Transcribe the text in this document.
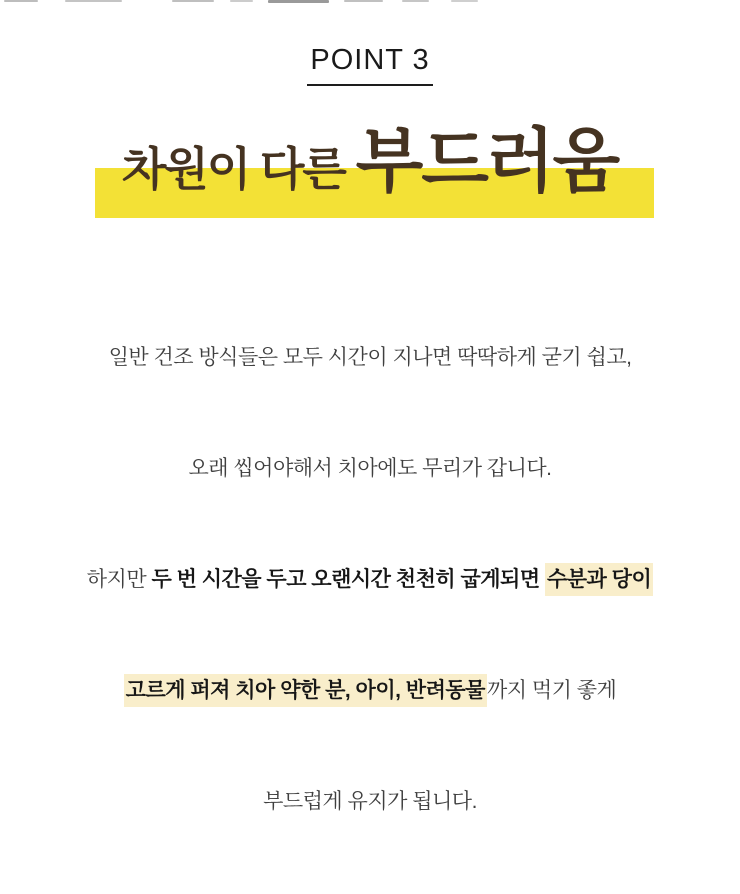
POINT 3
차원이 다른 부드러움

일반 건조 방식들은 모두 시간이 지나면 딱딱하게 굳기 쉽고,

오래 씹어야해서 치아에도 무리가 갑니다.

하지만 두 번 시간을 두고 오랜시간 천천히 굽게되면 수분과 당이

고르게 퍼져 치아 약한 분, 아이, 반려동물까지 먹기 좋게

부드럽게 유지가 됩니다.
